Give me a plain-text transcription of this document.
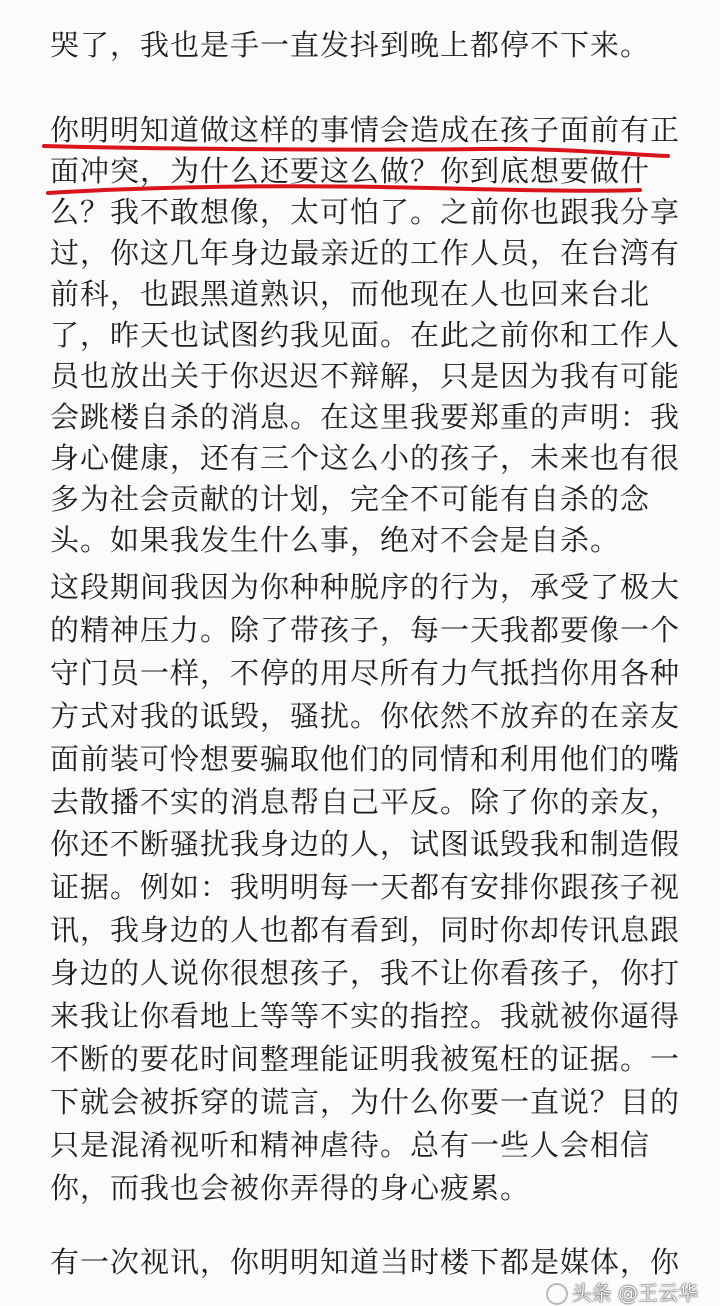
哭了，我也是手一直发抖到晚上都停不下来。
你明明知道做这样的事情会造成在孩子面前有正
面冲突，为什么还要这么做？你到底想要做什
么？我不敢想像，太可怕了。之前你也跟我分享
过，你这几年身边最亲近的工作人员，在台湾有
前科，也跟黑道熟识，而他现在人也回来台北
了，昨天也试图约我见面。在此之前你和工作人
员也放出关于你迟迟不辩解，只是因为我有可能
会跳楼自杀的消息。在这里我要郑重的声明：我
身心健康，还有三个这么小的孩子，未来也有很
多为社会贡献的计划，完全不可能有自杀的念
头。如果我发生什么事，绝对不会是自杀。
这段期间我因为你种种脱序的行为，承受了极大
的精神压力。除了带孩子，每一天我都要像一个
守门员一样，不停的用尽所有力气抵挡你用各种
方式对我的诋毁，骚扰。你依然不放弃的在亲友
面前装可怜想要骗取他们的同情和利用他们的嘴
去散播不实的消息帮自己平反。除了你的亲友，
你还不断骚扰我身边的人，试图诋毁我和制造假
证据。例如：我明明每一天都有安排你跟孩子视
讯，我身边的人也都有看到，同时你却传讯息跟
身边的人说你很想孩子，我不让你看孩子，你打
来我让你看地上等等不实的指控。我就被你逼得
不断的要花时间整理能证明我被冤枉的证据。一
下就会被拆穿的谎言，为什么你要一直说？目的
只是混淆视听和精神虐待。总有一些人会相信
你，而我也会被你弄得的身心疲累。
有一次视讯，你明明知道当时楼下都是媒体，你
头条 @王云华
